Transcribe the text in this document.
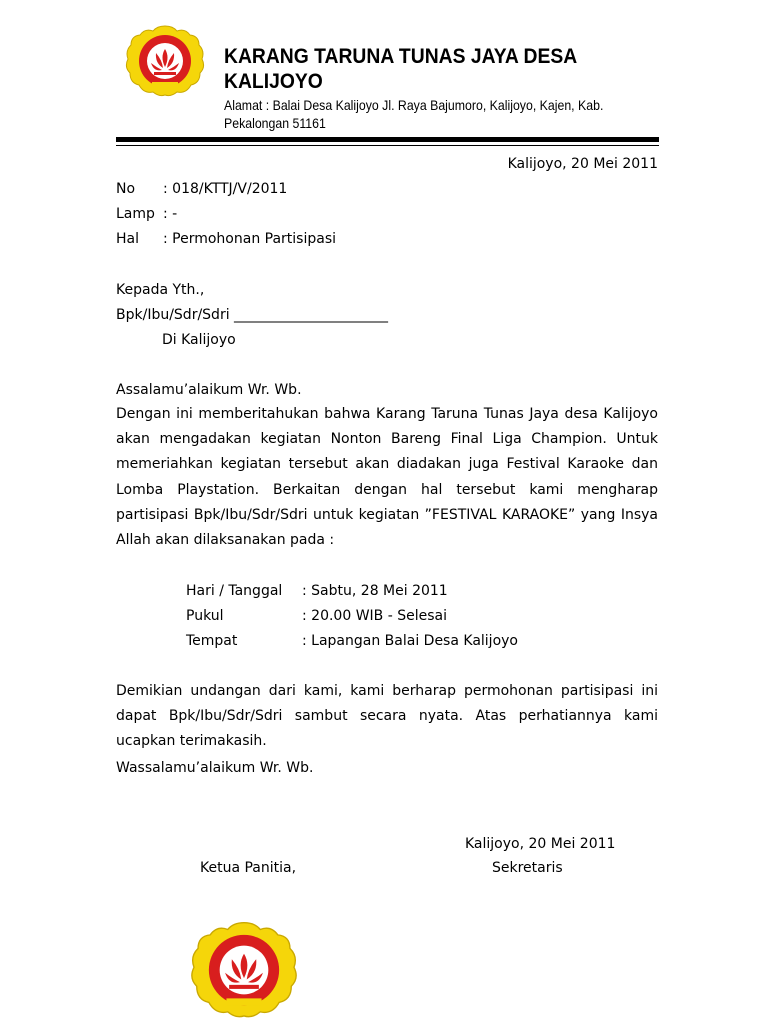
KARANG TARUNA TUNAS JAYA DESA KALIJOYO
Alamat : Balai Desa Kalijoyo Jl. Raya Bajumoro, Kalijoyo, Kajen, Kab. Pekalongan 51161
Kalijoyo, 20 Mei 2011
No : 018/KTTJ/V/2011
Lamp : -
Hal : Permohonan Partisipasi
Kepada Yth.,
Bpk/Ibu/Sdr/Sdri ______________________
Di Kalijoyo
Assalamu’alaikum Wr. Wb.
Dengan ini memberitahukan bahwa Karang Taruna Tunas Jaya desa Kalijoyo akan mengadakan kegiatan Nonton Bareng Final Liga Champion. Untuk memeriahkan kegiatan tersebut akan diadakan juga Festival Karaoke dan Lomba Playstation. Berkaitan dengan hal tersebut kami mengharap partisipasi Bpk/Ibu/Sdr/Sdri untuk kegiatan ”FESTIVAL KARAOKE” yang Insya Allah akan dilaksanakan pada :
Hari / Tanggal : Sabtu, 28 Mei 2011
Pukul	: 20.00 WIB - Selesai
Tempat	: Lapangan Balai Desa Kalijoyo
Demikian undangan dari kami, kami berharap permohonan partisipasi ini dapat Bpk/Ibu/Sdr/Sdri sambut secara nyata. Atas perhatiannya kami ucapkan terimakasih.
Wassalamu’alaikum Wr. Wb.
Kalijoyo, 20 Mei 2011
Ketua Panitia,	Sekretaris
